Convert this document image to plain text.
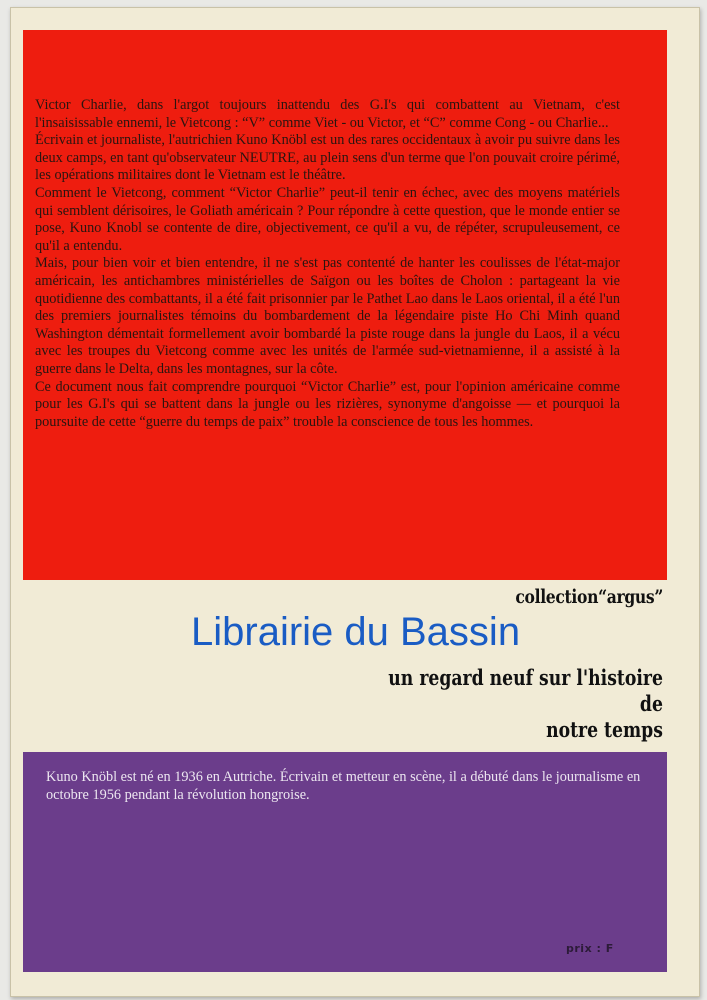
Victor Charlie, dans l'argot toujours inattendu des G.I's qui combattent au Vietnam, c'est l'insaisissable ennemi, le Vietcong : “V” comme Viet - ou Victor, et “C” comme Cong - ou Charlie...

Écrivain et journaliste, l'autrichien Kuno Knöbl est un des rares occidentaux à avoir pu suivre dans les deux camps, en tant qu'observateur NEUTRE, au plein sens d'un terme que l'on pouvait croire périmé, les opérations militaires dont le Vietnam est le théâtre.

Comment le Vietcong, comment “Victor Charlie” peut-il tenir en échec, avec des moyens matériels qui semblent dérisoires, le Goliath américain ? Pour répondre à cette question, que le monde entier se pose, Kuno Knobl se contente de dire, objectivement, ce qu'il a vu, de répéter, scrupuleusement, ce qu'il a entendu.

Mais, pour bien voir et bien entendre, il ne s'est pas contenté de hanter les coulisses de l'état-major américain, les antichambres ministérielles de Saïgon ou les boîtes de Cholon : partageant la vie quotidienne des combattants, il a été fait prisonnier par le Pathet Lao dans le Laos oriental, il a été l'un des premiers journalistes témoins du bombardement de la légendaire piste Ho Chi Minh quand Washington démentait formellement avoir bombardé la piste rouge dans la jungle du Laos, il a vécu avec les troupes du Vietcong comme avec les unités de l'armée sud-vietnamienne, il a assisté à la guerre dans le Delta, dans les montagnes, sur la côte.

Ce document nous fait comprendre pourquoi “Victor Charlie” est, pour l'opinion américaine comme pour les G.I's qui se battent dans la jungle ou les rizières, synonyme d'angoisse — et pourquoi la poursuite de cette “guerre du temps de paix” trouble la conscience de tous les hommes.

collection“argus”
Librairie du Bassin
un regard neuf sur l'histoire
de
notre temps
Kuno Knöbl est né en 1936 en Autriche. Écrivain et metteur en scène, il a débuté dans le journalisme en octobre 1956 pendant la révolution hongroise.
prix : F
